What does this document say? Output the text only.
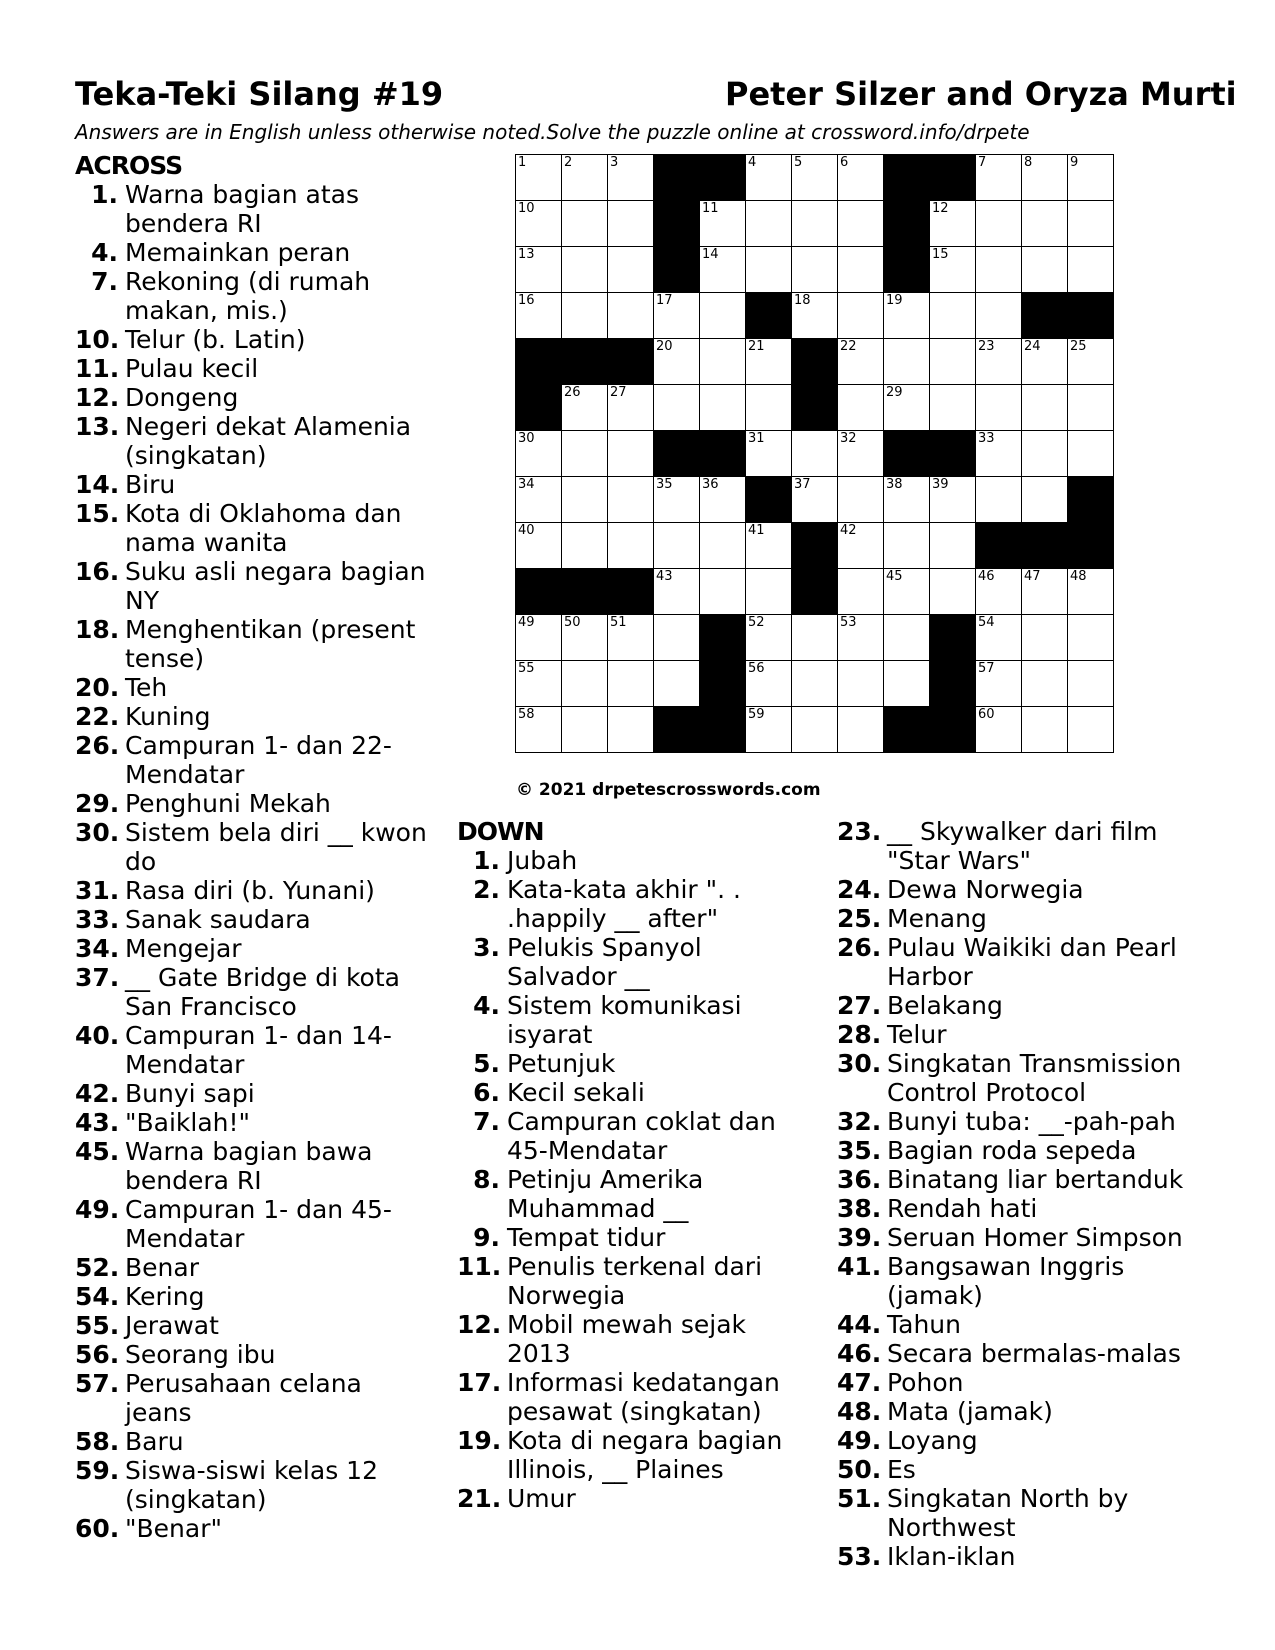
Teka-Teki Silang #19	Peter Silzer and Oryza Murti
Answers are in English unless otherwise noted.Solve the puzzle online at crossword.info/drpete
ACROSS
1. Warna bagian atas bendera RI
4. Memainkan peran
7. Rekoning (di rumah makan, mis.)
10. Telur (b. Latin)
11. Pulau kecil
12. Dongeng
13. Negeri dekat Alamenia (singkatan)
14. Biru
15. Kota di Oklahoma dan nama wanita
16. Suku asli negara bagian NY
18. Menghentikan (present tense)
20. Teh
22. Kuning
26. Campuran 1- dan 22-Mendatar
29. Penghuni Mekah
30. Sistem bela diri __ kwon do
31. Rasa diri (b. Yunani)
33. Sanak saudara
34. Mengejar
37. __ Gate Bridge di kota San Francisco
40. Campuran 1- dan 14-Mendatar
42. Bunyi sapi
43. "Baiklah!"
45. Warna bagian bawa bendera RI
49. Campuran 1- dan 45-Mendatar
52. Benar
54. Kering
55. Jerawat
56. Seorang ibu
57. Perusahaan celana jeans
58. Baru
59. Siswa-siswi kelas 12 (singkatan)
60. "Benar"
1	2	3	4	5	6	7	8	9
10	11	12
13	14	15
16	17	18	19
20	21	22	23 24 25
26 27	29
30	31	32	33
34	35 36	37	38 39
40	41	42
43	45	46 47 48
49 50 51	52	53	54
55	56	57
58	59	60
© 2021 drpetescrosswords.com
DOWN
1. Jubah
2. Kata-kata akhir ". . .happily __ after"
3. Pelukis Spanyol Salvador __
4. Sistem komunikasi isyarat
5. Petunjuk
6. Kecil sekali
7. Campuran coklat dan 45-Mendatar
8. Petinju Amerika Muhammad __
9. Tempat tidur
11. Penulis terkenal dari Norwegia
12. Mobil mewah sejak 2013
17. Informasi kedatangan pesawat (singkatan)
19. Kota di negara bagian Illinois, __ Plaines
21. Umur
23. __ Skywalker dari film "Star Wars"
24. Dewa Norwegia
25. Menang
26. Pulau Waikiki dan Pearl Harbor
27. Belakang
28. Telur
30. Singkatan Transmission Control Protocol
32. Bunyi tuba: __-pah-pah
35. Bagian roda sepeda
36. Binatang liar bertanduk
38. Rendah hati
39. Seruan Homer Simpson
41. Bangsawan Inggris (jamak)
44. Tahun
46. Secara bermalas-malas
47. Pohon
48. Mata (jamak)
49. Loyang
50. Es
51. Singkatan North by Northwest
53. Iklan-iklan
